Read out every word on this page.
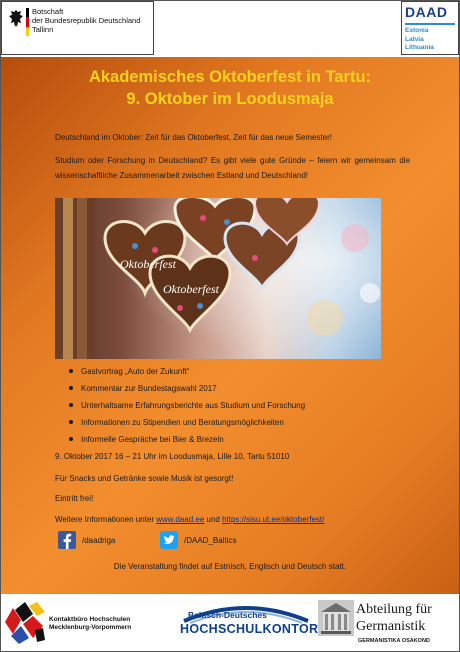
Botschaft
der Bundesrepublik Deutschland
Tallinn
DAAD
Estonia
Latvia
Lithuania
Akademisches Oktoberfest in Tartu:
9. Oktober im Loodusmaja
Deutschland im Oktober: Zeit für das Oktoberfest, Zeit für das neue Semester!
Studium oder Forschung in Deutschland? Es gibt viele gute Gründe – feiern wir gemeinsam die wissenschaftliche Zusammenarbeit zwischen Estland und Deutschland!
Oktoberfest
Oktoberfest
Gastvortrag „Auto der Zukunft“
Kommentar zur Bundestagswahl 2017
Unterhaltsame Erfahrungsberichte aus Studium und Forschung
Informationen zu Stipendien und Beratungsmöglichkeiten
Informelle Gespräche bei Bier & Brezeln
9. Oktober 2017 16 – 21 Uhr im Loodusmaja, Lille 10, Tartu 51010
Für Snacks und Getränke sowie Musik ist gesorgt!
Eintritt frei!
Weitere Informationen unter www.daad.ee und https://sisu.ut.ee/oktoberfest/
/daadriga	/DAAD_Baltics
Die Veranstaltung findet auf Estnisch, Englisch und Deutsch statt.
Kontaktbüro Hochschulen
Mecklenburg-Vorpommern
Baltisch-Deutsches
HOCHSCHULKONTOR
Abteilung für
Germanistik
GERMANISTIKA OSAKOND
